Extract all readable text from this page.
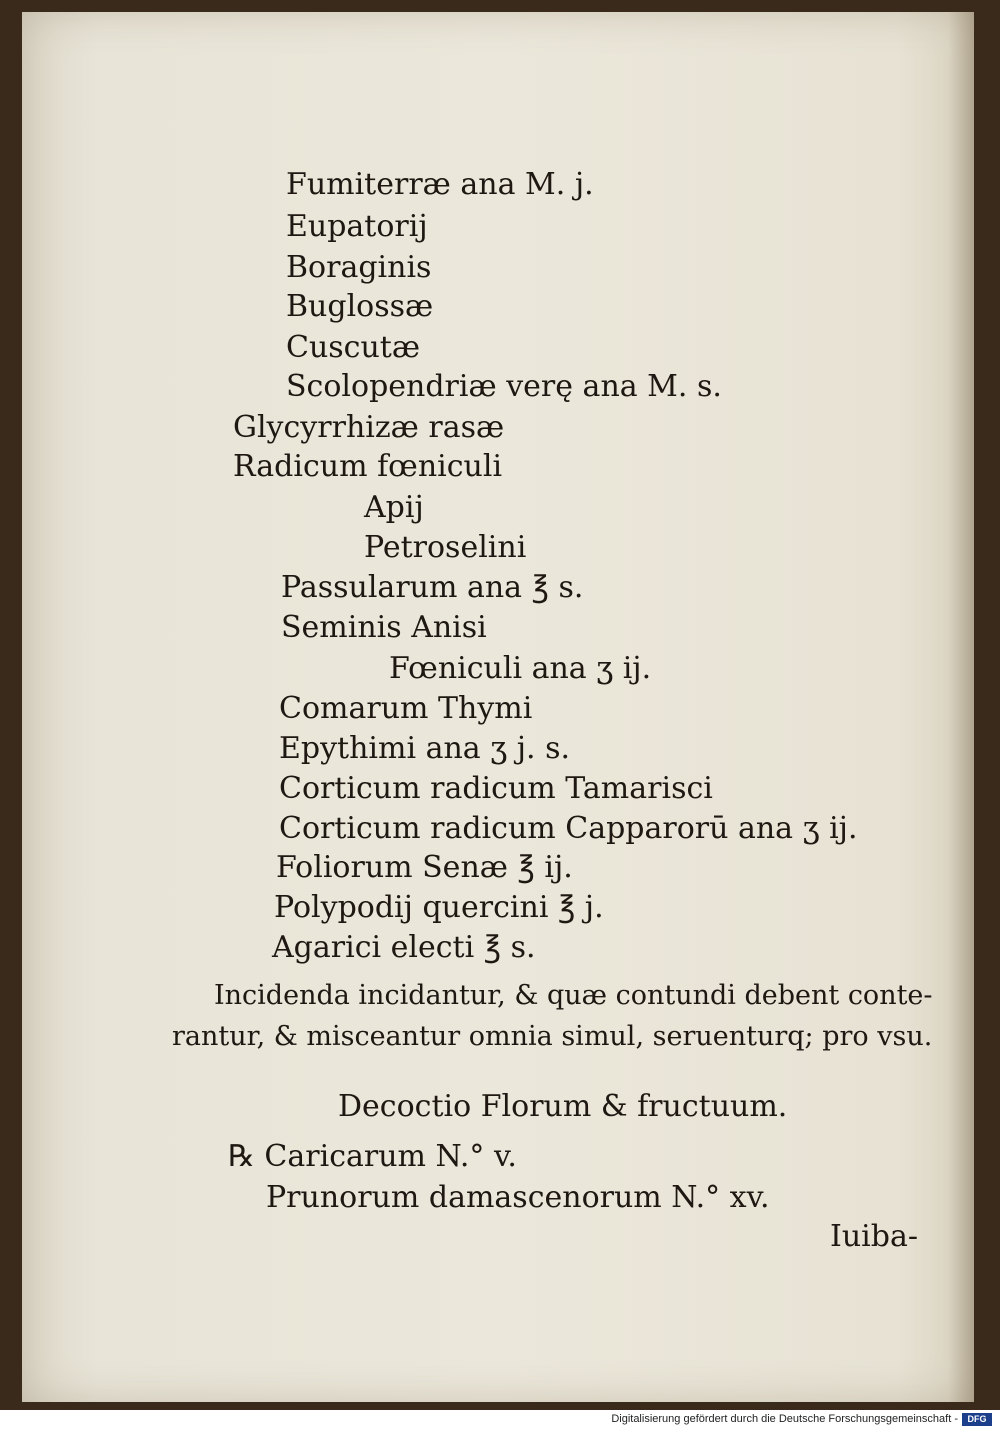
Fumiterræ ana M. j.
Eupatorij
Boraginis
Buglossæ
Cuscutæ
Scolopendriæ verę ana M. s.
Glycyrrhizæ rasæ
Radicum fœniculi
Apij
Petroselini
Passularum ana ℥ s.
Seminis Anisi
Fœniculi ana ʒ ij.
Comarum Thymi
Epythimi ana ʒ j. s.
Corticum radicum Tamarisci
Corticum radicum Capparorū ana ʒ ij.
Foliorum Senæ ℥ ij.
Polypodij quercini ℥ j.
Agarici electi ℥ s.
Incidenda incidantur, & quæ contundi debent conte-
rantur, & misceantur omnia simul, seruenturq; pro vsu.
Decoctio Florum & fructuum.
℞ Caricarum N.° v.
Prunorum damascenorum N.° xv.
Iuiba-
Digitalisierung gefördert durch die Deutsche Forschungsgemeinschaft -	DFG
